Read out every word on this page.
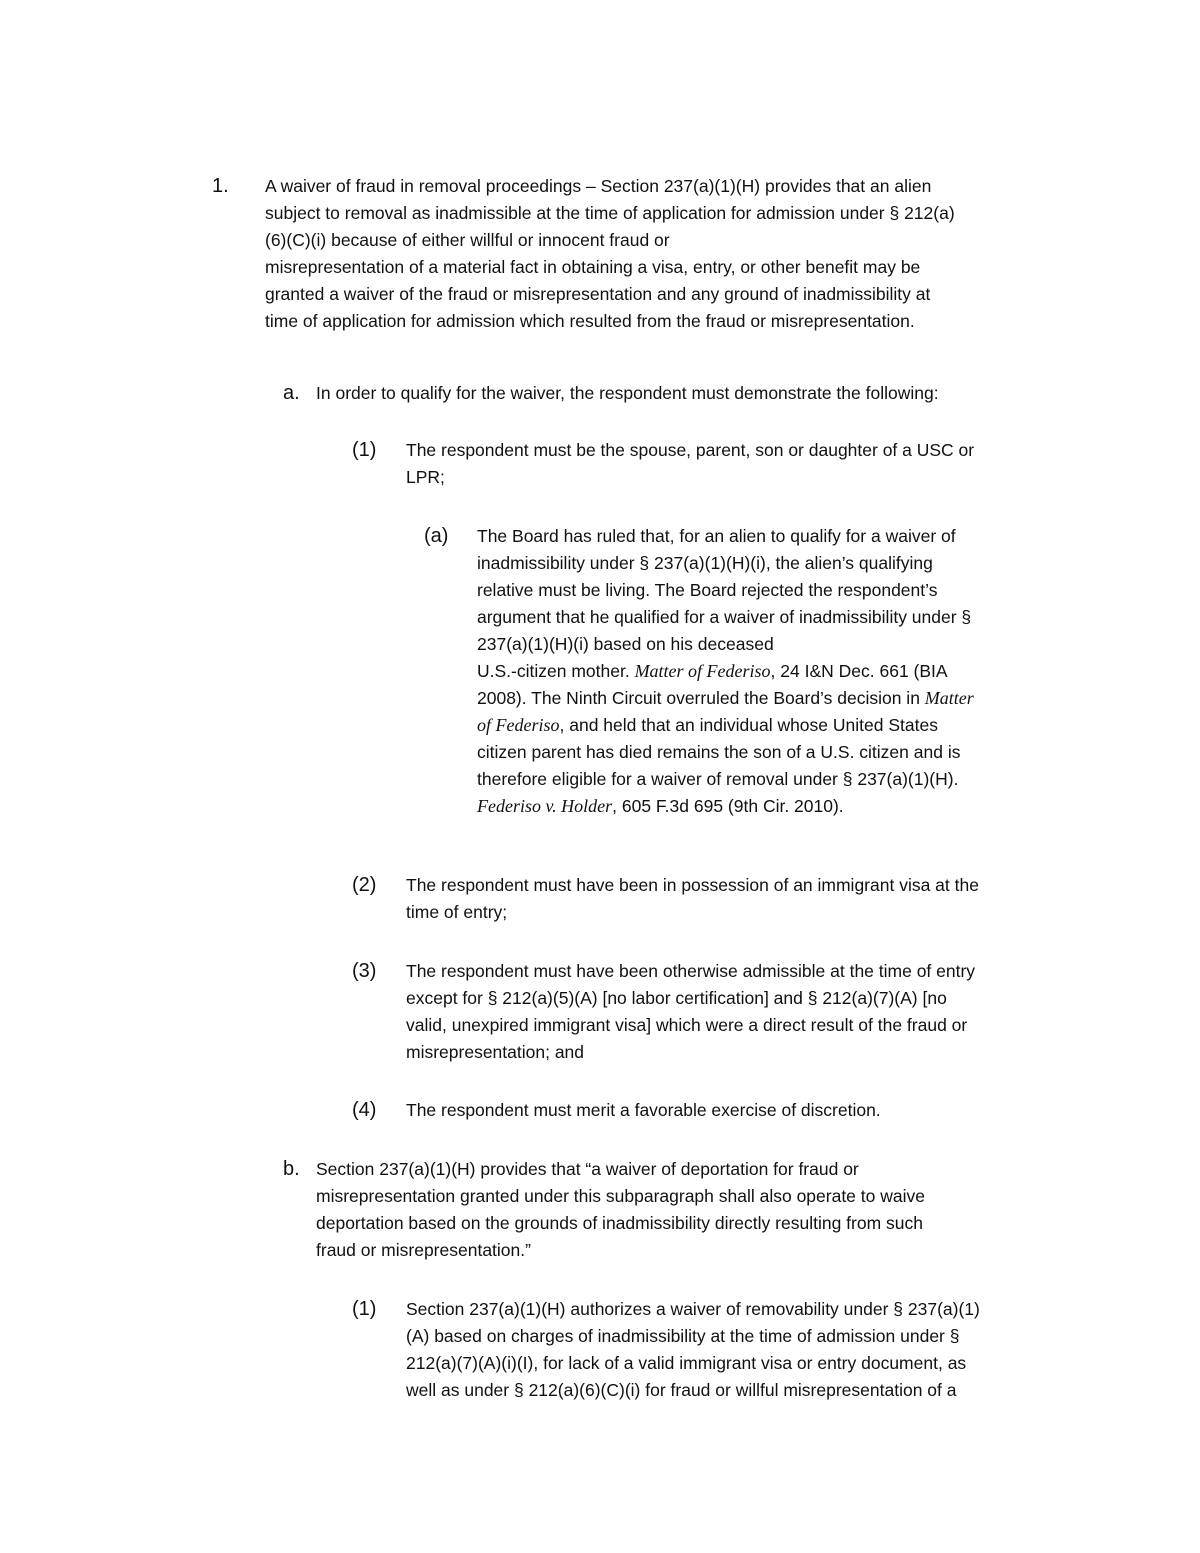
1. A waiver of fraud in removal proceedings – Section 237(a)(1)(H) provides that an alien
subject to removal as inadmissible at the time of application for admission under § 212(a)
(6)(C)(i) because of either willful or innocent fraud or
misrepresentation of a material fact in obtaining a visa, entry, or other benefit may be
granted a waiver of the fraud or misrepresentation and any ground of inadmissibility at
time of application for admission which resulted from the fraud or misrepresentation.
a. In order to qualify for the waiver, the respondent must demonstrate the following:
(1) The respondent must be the spouse, parent, son or daughter of a USC or
LPR;
(a) The Board has ruled that, for an alien to qualify for a waiver of
inadmissibility under § 237(a)(1)(H)(i), the alien’s qualifying
relative must be living. The Board rejected the respondent’s
argument that he qualified for a waiver of inadmissibility under §
237(a)(1)(H)(i) based on his deceased
U.S.-citizen mother. Matter of Federiso, 24 I&N Dec. 661 (BIA
2008). The Ninth Circuit overruled the Board’s decision in Matter
of Federiso, and held that an individual whose United States
citizen parent has died remains the son of a U.S. citizen and is
therefore eligible for a waiver of removal under § 237(a)(1)(H).
Federiso v. Holder, 605 F.3d 695 (9th Cir. 2010).
(2) The respondent must have been in possession of an immigrant visa at the
time of entry;
(3) The respondent must have been otherwise admissible at the time of entry
except for § 212(a)(5)(A) [no labor certification] and § 212(a)(7)(A) [no
valid, unexpired immigrant visa] which were a direct result of the fraud or
misrepresentation; and
(4) The respondent must merit a favorable exercise of discretion.
b. Section 237(a)(1)(H) provides that “a waiver of deportation for fraud or
misrepresentation granted under this subparagraph shall also operate to waive
deportation based on the grounds of inadmissibility directly resulting from such
fraud or misrepresentation.”
(1) Section 237(a)(1)(H) authorizes a waiver of removability under § 237(a)(1)
(A) based on charges of inadmissibility at the time of admission under §
212(a)(7)(A)(i)(I), for lack of a valid immigrant visa or entry document, as
well as under § 212(a)(6)(C)(i) for fraud or willful misrepresentation of a
